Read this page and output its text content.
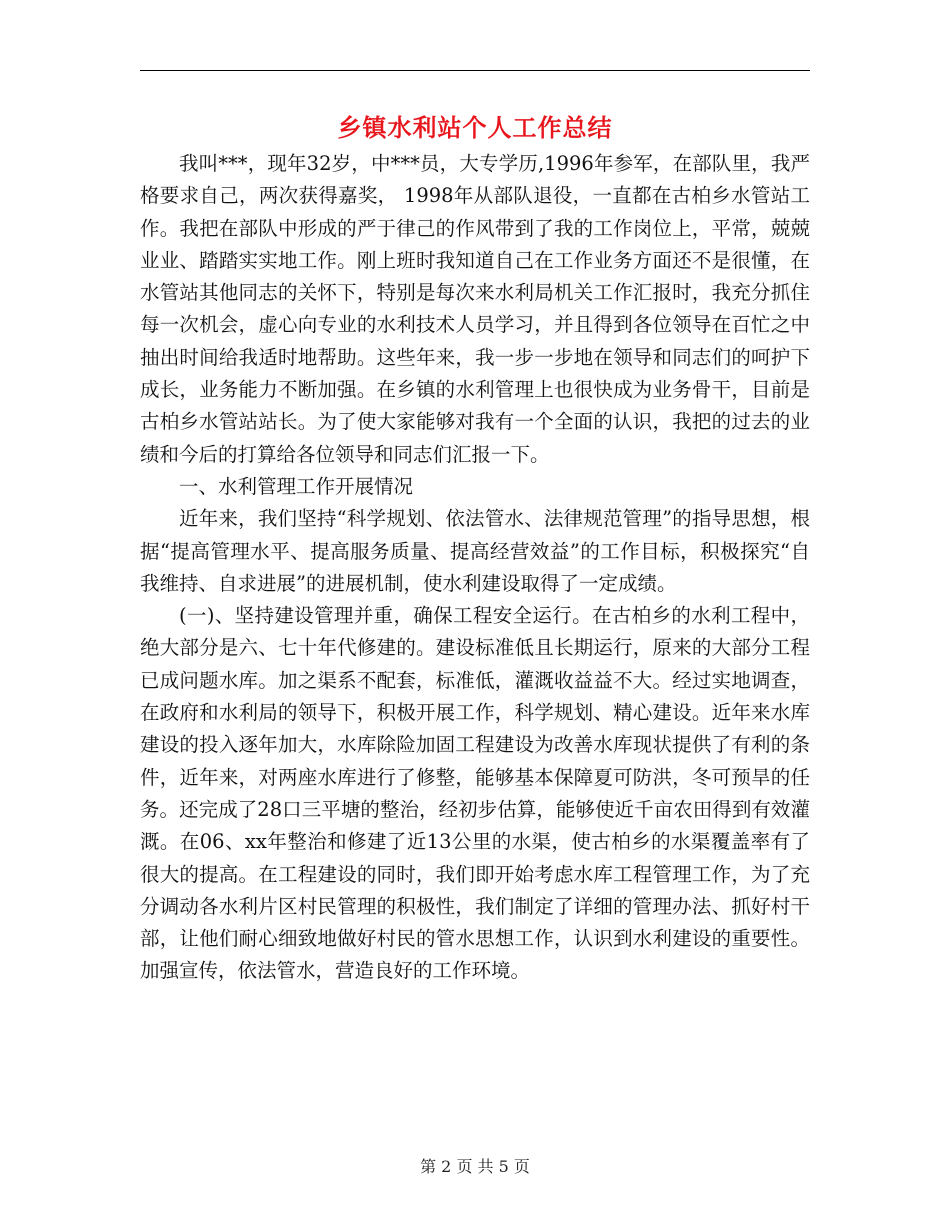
乡镇水利站个人工作总结

我叫***，现年32岁，中***员，大专学历,1996年参军，在部队里，我严格要求自己，两次获得嘉奖， 1998年从部队退役，一直都在古柏乡水管站工作。我把在部队中形成的严于律己的作风带到了我的工作岗位上，平常，兢兢业业、踏踏实实地工作。刚上班时我知道自己在工作业务方面还不是很懂，在水管站其他同志的关怀下，特别是每次来水利局机关工作汇报时，我充分抓住每一次机会，虚心向专业的水利技术人员学习，并且得到各位领导在百忙之中抽出时间给我适时地帮助。这些年来，我一步一步地在领导和同志们的呵护下成长，业务能力不断加强。在乡镇的水利管理上也很快成为业务骨干，目前是古柏乡水管站站长。为了使大家能够对我有一个全面的认识，我把的过去的业绩和今后的打算给各位领导和同志们汇报一下。

一、水利管理工作开展情况

近年来，我们坚持“科学规划、依法管水、法律规范管理”的指导思想，根据“提高管理水平、提高服务质量、提高经营效益”的工作目标，积极探究“自我维持、自求进展”的进展机制，使水利建设取得了一定成绩。

(一)、坚持建设管理并重，确保工程安全运行。在古柏乡的水利工程中，绝大部分是六、七十年代修建的。建设标准低且长期运行，原来的大部分工程已成问题水库。加之渠系不配套，标准低，灌溉收益益不大。经过实地调查，在政府和水利局的领导下，积极开展工作，科学规划、精心建设。近年来水库建设的投入逐年加大，水库除险加固工程建设为改善水库现状提供了有利的条件，近年来，对两座水库进行了修整，能够基本保障夏可防洪，冬可预旱的任务。还完成了28口三平塘的整治，经初步估算，能够使近千亩农田得到有效灌溉。在06、xx年整治和修建了近13公里的水渠，使古柏乡的水渠覆盖率有了很大的提高。在工程建设的同时，我们即开始考虑水库工程管理工作，为了充分调动各水利片区村民管理的积极性，我们制定了详细的管理办法、抓好村干部，让他们耐心细致地做好村民的管水思想工作，认识到水利建设的重要性。加强宣传，依法管水，营造良好的工作环境。

第 2 页 共 5 页
